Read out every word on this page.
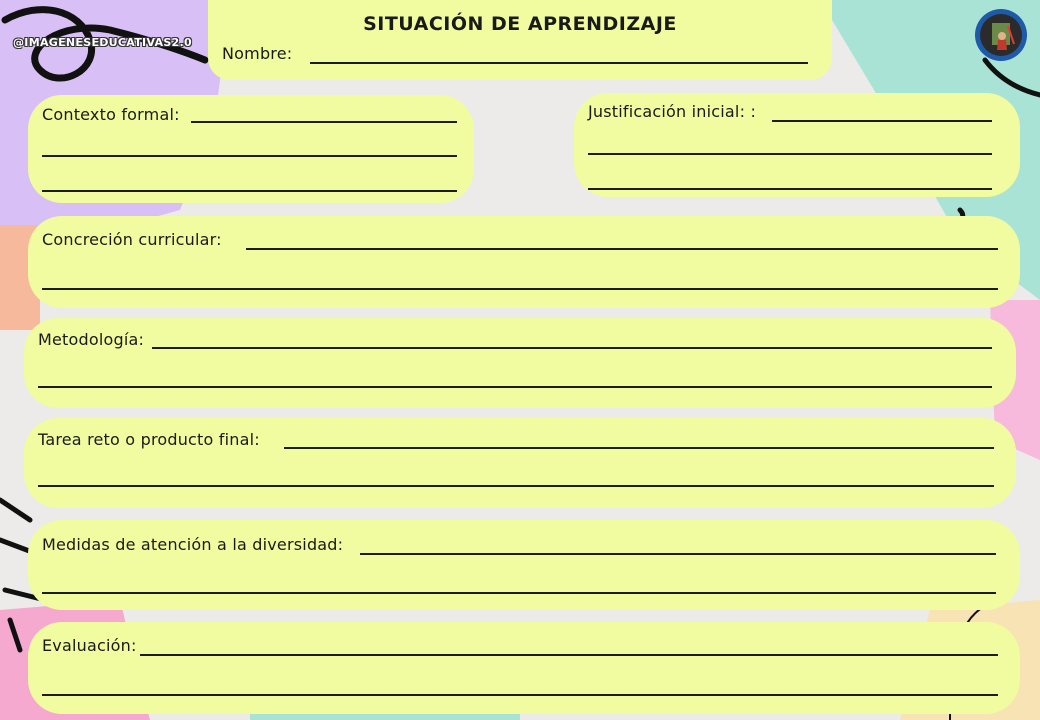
@IMAGENESEDUCATIVAS2.0
SITUACIÓN DE APRENDIZAJE
Nombre:
Contexto formal:	Justificación inicial: :
Concreción curricular:
Metodología:
Tarea reto o producto final:
Medidas de atención a la diversidad:
Evaluación:
